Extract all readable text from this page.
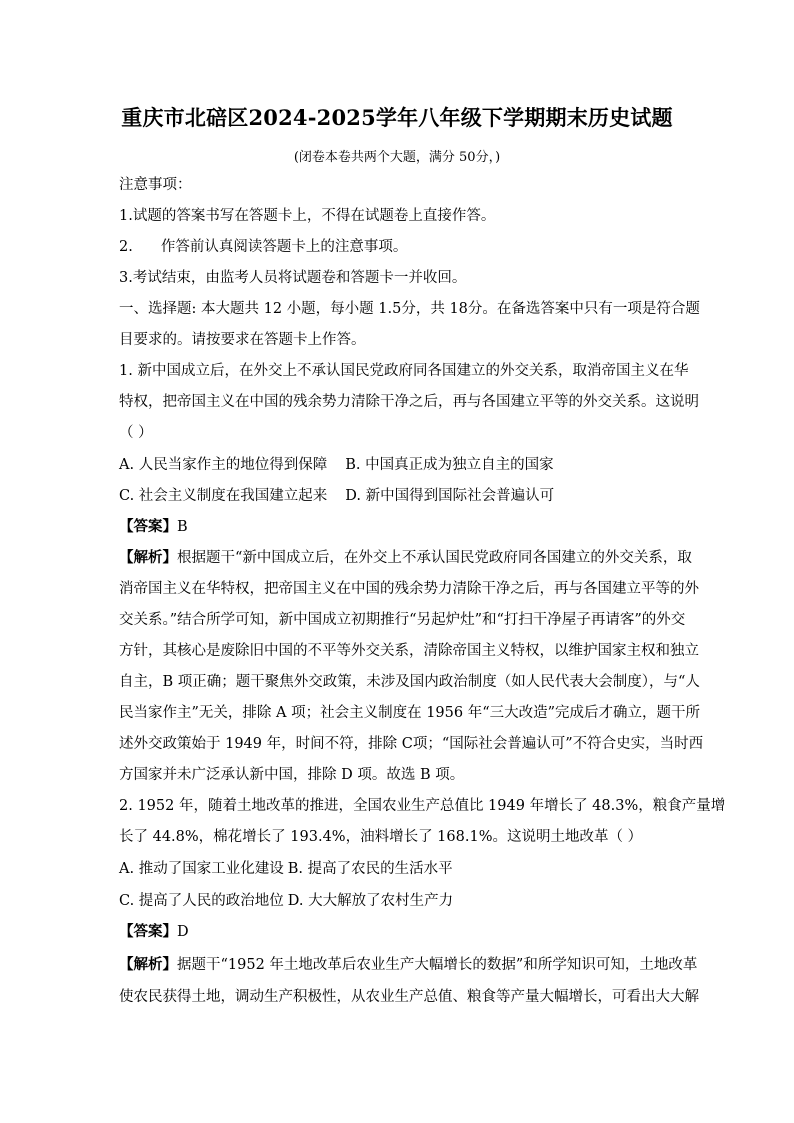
重庆市北碚区2024-2025学年八年级下学期期末历史试题
(闭卷本卷共两个大题，满分 50分，)
注意事项：
1.试题的答案书写在答题卡上，不得在试题卷上直接作答。
2. 作答前认真阅读答题卡上的注意事项。
3.考试结束，由监考人员将试题卷和答题卡一并收回。
一、选择题: 本大题共 12 小题，每小题 1.5分，共 18分。在备选答案中只有一项是符合题
目要求的。请按要求在答题卡上作答。
1. 新中国成立后，在外交上不承认国民党政府同各国建立的外交关系，取消帝国主义在华
特权，把帝国主义在中国的残余势力清除干净之后，再与各国建立平等的外交关系。这说明
（ ）
A. 人民当家作主的地位得到保障 B. 中国真正成为独立自主的国家
C. 社会主义制度在我国建立起来 D. 新中国得到国际社会普遍认可
【答案】B
【解析】根据题干“新中国成立后，在外交上不承认国民党政府同各国建立的外交关系，取
消帝国主义在华特权，把帝国主义在中国的残余势力清除干净之后，再与各国建立平等的外
交关系。”结合所学可知，新中国成立初期推行“另起炉灶”和“打扫干净屋子再请客”的外交
方针，其核心是废除旧中国的不平等外交关系，清除帝国主义特权，以维护国家主权和独立
自主，B 项正确；题干聚焦外交政策，未涉及国内政治制度（如人民代表大会制度），与“人
民当家作主”无关，排除 A 项；社会主义制度在 1956 年“三大改造”完成后才确立，题干所
述外交政策始于 1949 年，时间不符，排除 C项；“国际社会普遍认可”不符合史实，当时西
方国家并未广泛承认新中国，排除 D 项。故选 B 项。
2. 1952 年，随着土地改革的推进，全国农业生产总值比 1949 年增长了 48.3%，粮食产量增
长了 44.8%，棉花增长了 193.4%，油料增长了 168.1%。这说明土地改革（ ）
A. 推动了国家工业化建设 B. 提高了农民的生活水平
C. 提高了人民的政治地位 D. 大大解放了农村生产力
【答案】D
【解析】据题干“1952 年土地改革后农业生产大幅增长的数据”和所学知识可知，土地改革
使农民获得土地，调动生产积极性，从农业生产总值、粮食等产量大幅增长，可看出大大解
